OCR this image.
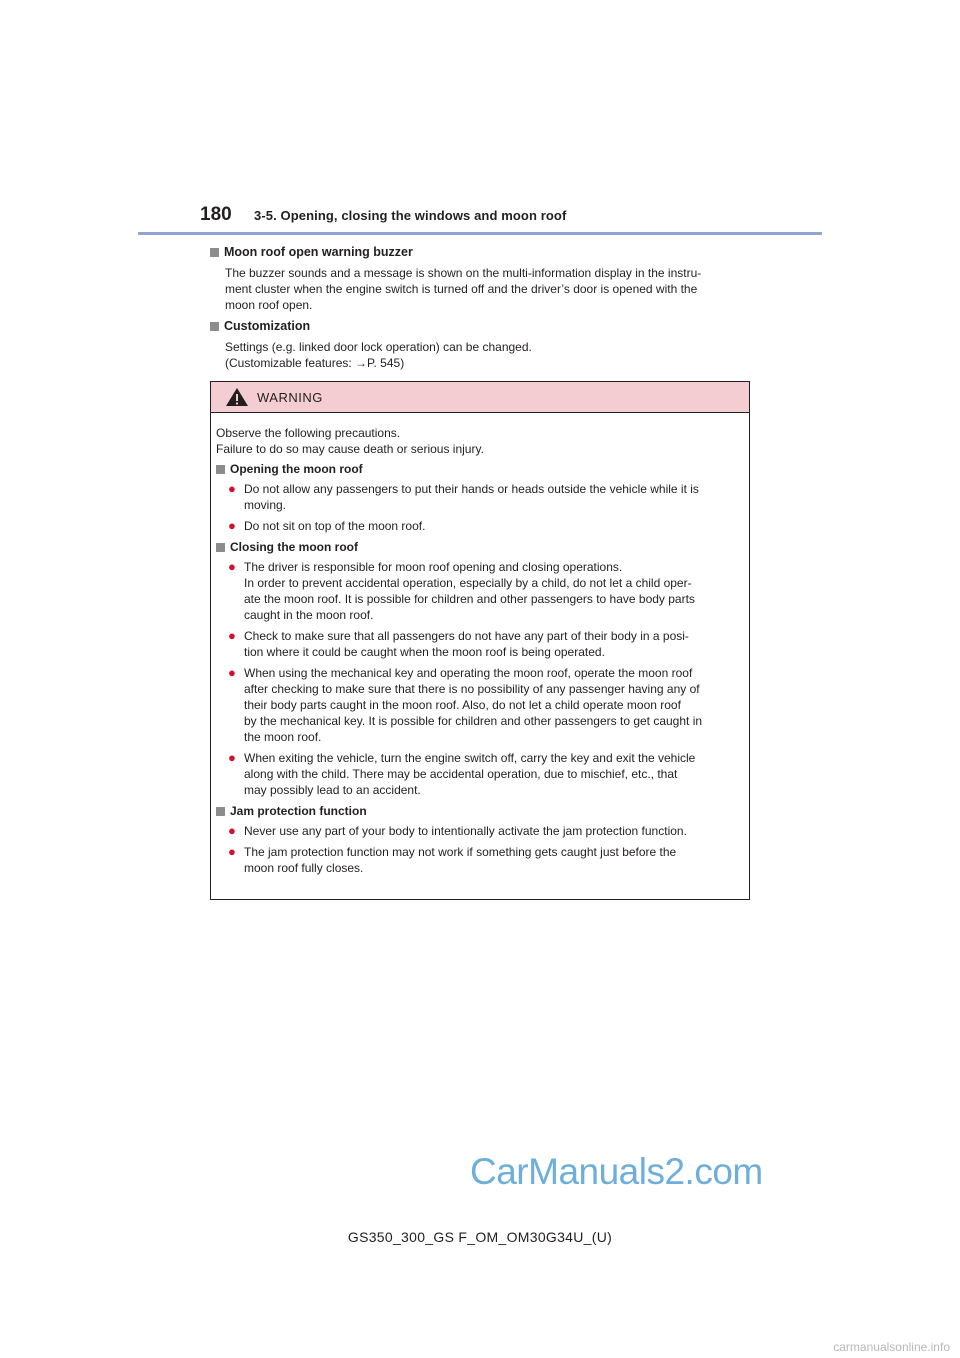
180	3-5. Opening, closing the windows and moon roof
Moon roof open warning buzzer

The buzzer sounds and a message is shown on the multi-information display in the instru-

ment cluster when the engine switch is turned off and the driver’s door is opened with the

moon roof open.

Customization

Settings (e.g. linked door lock operation) can be changed.

(Customizable features: →P. 545)

WARNING

Observe the following precautions.

Failure to do so may cause death or serious injury.

Opening the moon roof
● Do not allow any passengers to put their hands or heads outside the vehicle while it is

moving.

● Do not sit on top of the moon roof.

Closing the moon roof
● The driver is responsible for moon roof opening and closing operations.

In order to prevent accidental operation, especially by a child, do not let a child oper-

ate the moon roof. It is possible for children and other passengers to have body parts

caught in the moon roof.

● Check to make sure that all passengers do not have any part of their body in a posi-

tion where it could be caught when the moon roof is being operated.

● When using the mechanical key and operating the moon roof, operate the moon roof

after checking to make sure that there is no possibility of any passenger having any of

their body parts caught in the moon roof. Also, do not let a child operate moon roof

by the mechanical key. It is possible for children and other passengers to get caught in

the moon roof.

● When exiting the vehicle, turn the engine switch off, carry the key and exit the vehicle

along with the child. There may be accidental operation, due to mischief, etc., that

may possibly lead to an accident.

Jam protection function
● Never use any part of your body to intentionally activate the jam protection function.

● The jam protection function may not work if something gets caught just before the

moon roof fully closes.

CarManuals2.com
GS350_300_GS F_OM_OM30G34U_(U)
carmanualsonline.info
